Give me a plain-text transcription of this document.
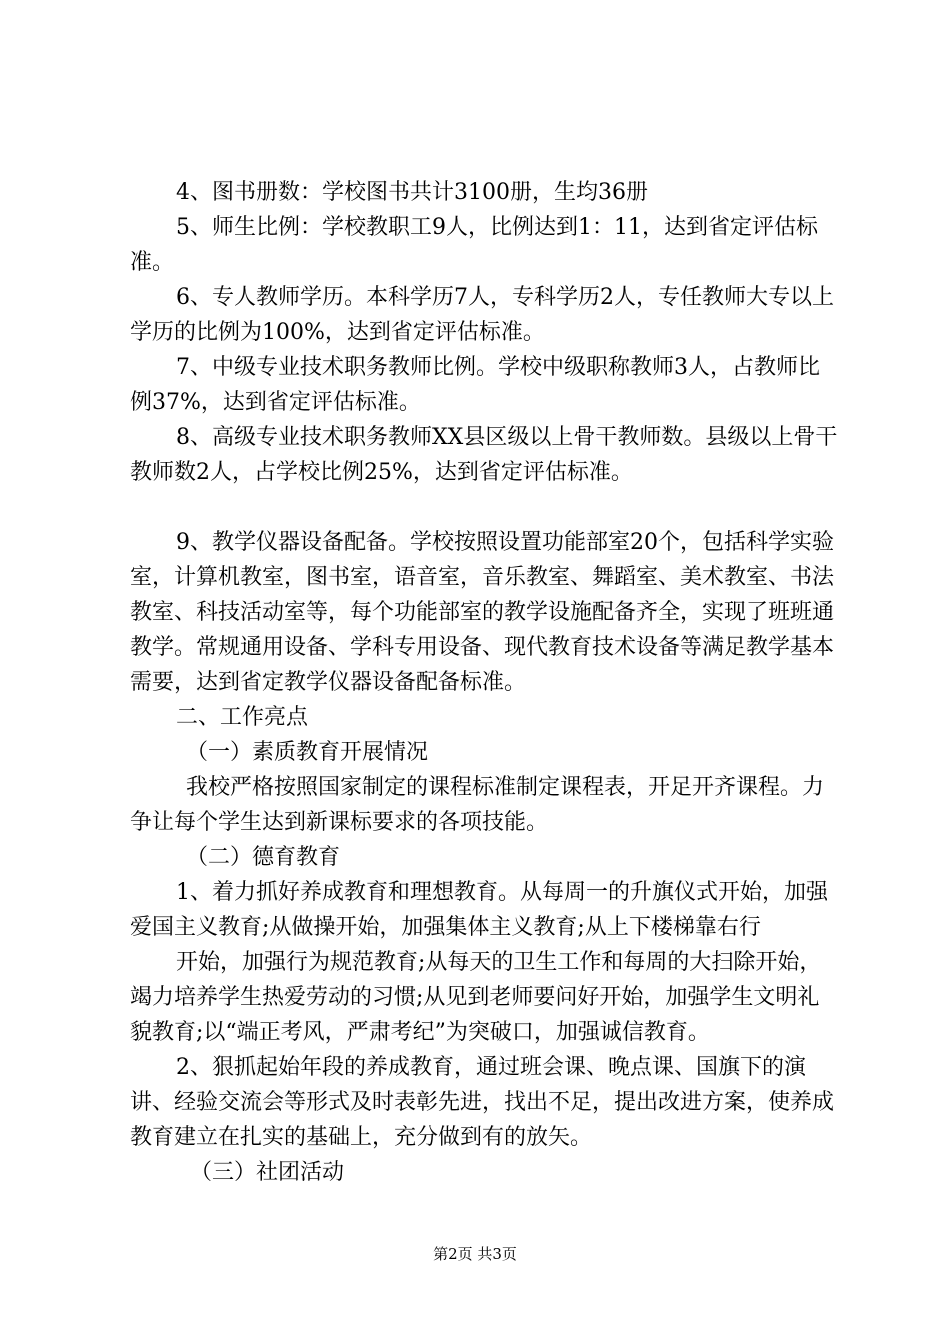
4、图书册数：学校图书共计3100册，生均36册

5、师生比例：学校教职工9人，比例达到1：11，达到省定评估标准。

6、专人教师学历。本科学历7人，专科学历2人，专任教师大专以上学历的比例为100%，达到省定评估标准。

7、中级专业技术职务教师比例。学校中级职称教师3人，占教师比例37%，达到省定评估标准。

8、高级专业技术职务教师XX县区级以上骨干教师数。县级以上骨干教师数2人，占学校比例25%，达到省定评估标准。

9、教学仪器设备配备。学校按照设置功能部室20个，包括科学实验室，计算机教室，图书室，语音室，音乐教室、舞蹈室、美术教室、书法教室、科技活动室等，每个功能部室的教学设施配备齐全，实现了班班通教学。常规通用设备、学科专用设备、现代教育技术设备等满足教学基本需要，达到省定教学仪器设备配备标准。

二、工作亮点

（一）素质教育开展情况

我校严格按照国家制定的课程标准制定课程表，开足开齐课程。力争让每个学生达到新课标要求的各项技能。

（二）德育教育

1、着力抓好养成教育和理想教育。从每周一的升旗仪式开始，加强爱国主义教育;从做操开始，加强集体主义教育;从上下楼梯靠右行

开始，加强行为规范教育;从每天的卫生工作和每周的大扫除开始，竭力培养学生热爱劳动的习惯;从见到老师要问好开始，加强学生文明礼貌教育;以“端正考风，严肃考纪”为突破口，加强诚信教育。

2、狠抓起始年段的养成教育，通过班会课、晚点课、国旗下的演讲、经验交流会等形式及时表彰先进，找出不足，提出改进方案，使养成教育建立在扎实的基础上，充分做到有的放矢。

（三）社团活动

第2页 共3页
